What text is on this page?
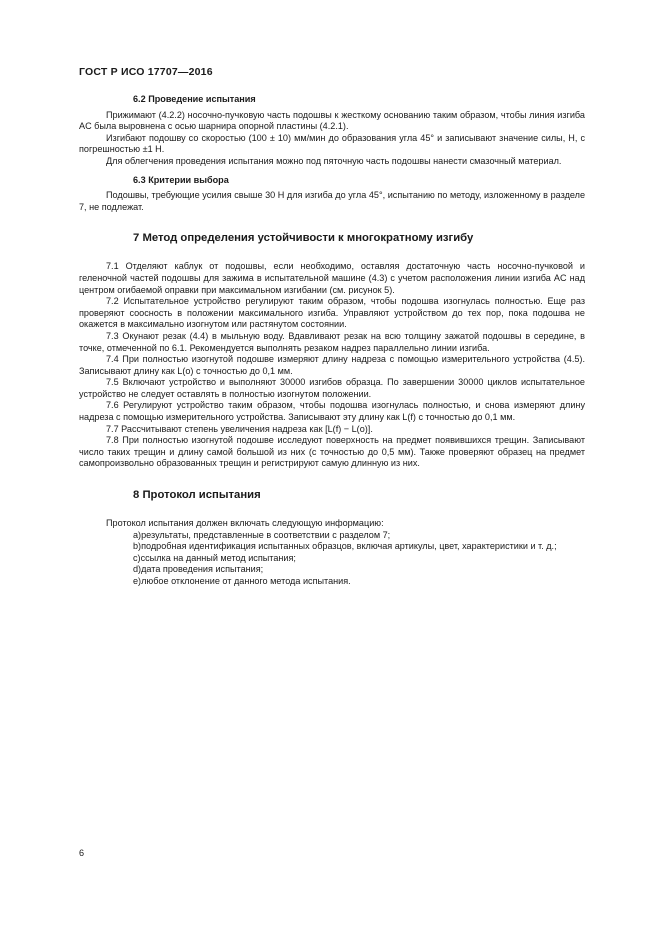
ГОСТ Р ИСО 17707—2016
6.2 Проведение испытания

Прижимают (4.2.2) носочно-пучковую часть подошвы к жесткому основанию таким образом, чтобы линия изгиба AC была выровнена с осью шарнира опорной пластины (4.2.1).

Изгибают подошву со скоростью (100 ± 10) мм/мин до образования угла 45° и записывают значение силы, Н, с погрешностью ±1 Н.

Для облегчения проведения испытания можно под пяточную часть подошвы нанести смазочный материал.

6.3 Критерии выбора

Подошвы, требующие усилия свыше 30 Н для изгиба до угла 45°, испытанию по методу, изложенному в разделе 7, не подлежат.

7 Метод определения устойчивости к многократному изгибу

7.1 Отделяют каблук от подошвы, если необходимо, оставляя достаточную часть носочно-пучковой и геленочной частей подошвы для зажима в испытательной машине (4.3) с учетом расположения линии изгиба AC над центром огибаемой оправки при максимальном изгибании (см. рисунок 5).

7.2 Испытательное устройство регулируют таким образом, чтобы подошва изогнулась полностью. Еще раз проверяют соосность в положении максимального изгиба. Управляют устройством до тех пор, пока подошва не окажется в максимально изогнутом или растянутом состоянии.

7.3 Окунают резак (4.4) в мыльную воду. Вдавливают резак на всю толщину зажатой подошвы в середине, в точке, отмеченной по 6.1. Рекомендуется выполнять резаком надрез параллельно линии изгиба.

7.4 При полностью изогнутой подошве измеряют длину надреза с помощью измерительного устройства (4.5). Записывают длину как L(o) с точностью до 0,1 мм.

7.5 Включают устройство и выполняют 30000 изгибов образца. По завершении 30000 циклов испытательное устройство не следует оставлять в полностью изогнутом положении.

7.6 Регулируют устройство таким образом, чтобы подошва изогнулась полностью, и снова измеряют длину надреза с помощью измерительного устройства. Записывают эту длину как L(f) с точностью до 0,1 мм.

7.7 Рассчитывают степень увеличения надреза как [L(f) − L(o)].

7.8 При полностью изогнутой подошве исследуют поверхность на предмет появившихся трещин. Записывают число таких трещин и длину самой большой из них (с точностью до 0,5 мм). Также проверяют образец на предмет самопроизвольно образованных трещин и регистрируют самую длинную из них.

8 Протокол испытания

Протокол испытания должен включать следующую информацию:

a)результаты, представленные в соответствии с разделом 7;

b)подробная идентификация испытанных образцов, включая артикулы, цвет, характеристики и т. д.;

c)ссылка на данный метод испытания;

d)дата проведения испытания;

e)любое отклонение от данного метода испытания.

6
